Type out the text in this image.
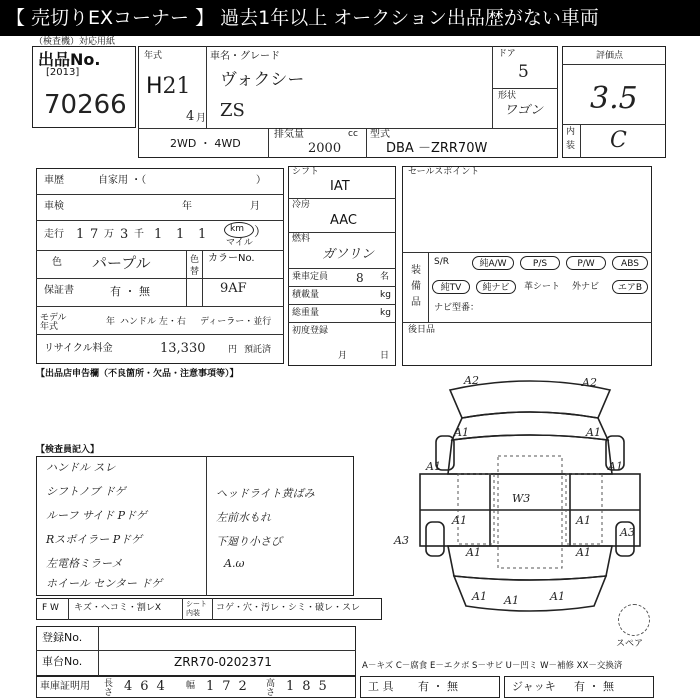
【 売切りEXコーナー 】 過去1年以上 オークション出品歴がない車両
（検査機）対応用紙
出品No.
[2013]
70266
年式
H21
4 月
車名・グレード
ヴォクシー
ZS
ドア
5
形状
ワゴン
2WD ・ 4WD
排気量	cc
2000
型式
DBA －ZRR70W
評価点
3.5
内
装 C
車歴	自家用 ・（	）
車検	年	月
走行 1 7 万 3 千 1 1 1	km
マイル
）
色 パープル	色替
カラーNo.
9AF
保証書	有 ・ 無
モデル年式	年 ハンドル 左・右 ディーラー・並行
リサイクル料金	13,330	円 預託済
シフト
IAT
冷房
AAC
燃料
ガソリン
乗車定員 8 名
積載量	kg
総重量	kg
初度登録
月	日
セールスポイント
装
備
品
S/R	純A/W	P/S	P/W	ABS
純TV	純ナビ	革シート 外ナビ	エアB
ナビ型番：
後日品
【出品店申告欄（不良箇所・欠品・注意事項等）】
【検査員記入】
ハンドル スレ
シフトノブ ドゲ
ルーフ サイド Pドゲ
Rスポイラー Pドゲ
左電格ミラーメ
ホイール センター ドゲ
ヘッドライト黄ばみ
左前水もれ
下廻り小さび
A.ω
F W キズ・ヘコミ・割レX	シート内装	コゲ・穴・汚レ・シミ・破レ・スレ
登録No.
車台No.	ZRR70-0202371	A－キズ C－腐食 E－エクボ S－サビ U－凹ミ W－補修 XX－交換済
車庫証明用 長さ 464 幅 172 高さ 185	工 具 有 ・ 無	ジャッキ 有 ・ 無
スペア
A2	A2
A1	A1
A1	A1
W3
A1
A3
A3
A1
A1	A1
A1
A1	A1
